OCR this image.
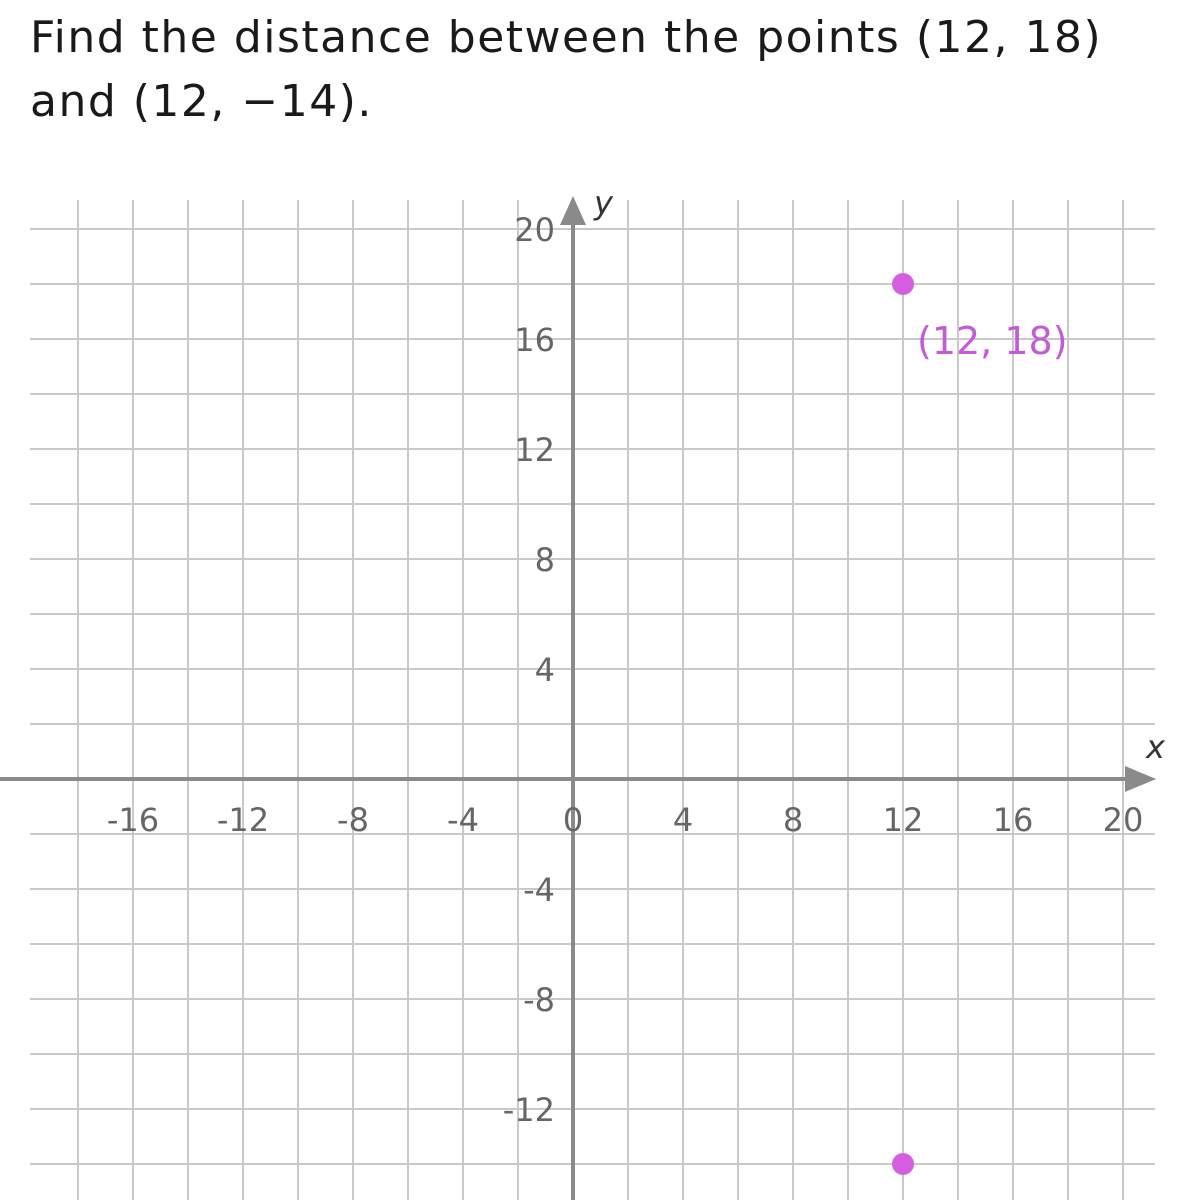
Find the distance between the points (12, 18)
and (12, −14).
x
y
-16 -12 -8 -4	0	4	8 12 16 20
20
16
12
8
4
-4
-8
-12
(12, 18)
